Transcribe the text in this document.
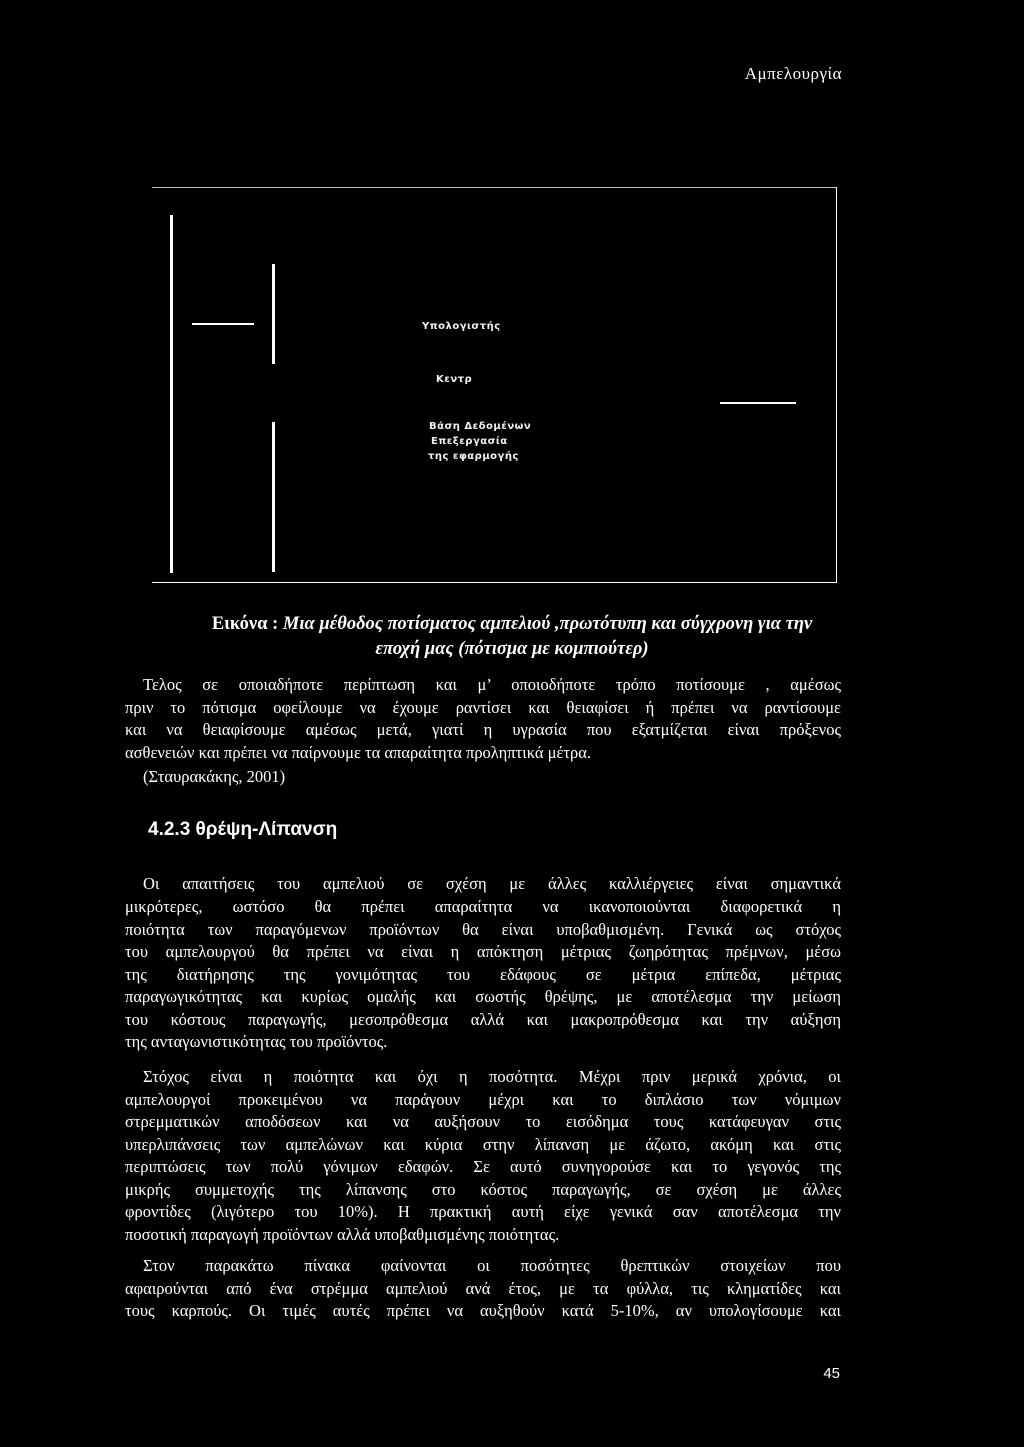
Αμπελουργία
Υπολογιστής
Κεντρ
Βάση Δεδομένων
Επεξεργασία
της εφαρμογής
Εικόνα : Μια μέθοδος ποτίσματος αμπελιού ,πρωτότυπη και σύγχρονη για την
εποχή μας (πότισμα με κομπιούτερ)
Τελος σε οποιαδήποτε περίπτωση και μ’ οποιοδήποτε τρόπο ποτίσουμε , αμέσως
πριν το πότισμα οφείλουμε να έχουμε ραντίσει και θειαφίσει ή πρέπει να ραντίσουμε
και να θειαφίσουμε αμέσως μετά, γιατί η υγρασία που εξατμίζεται είναι πρόξενος
ασθενειών και πρέπει να παίρνουμε τα απαραίτητα προληπτικά μέτρα.
(Σταυρακάκης, 2001)
4.2.3 θρέψη-Λίπανση
Οι απαιτήσεις του αμπελιού σε σχέση με άλλες καλλιέργειες είναι σημαντικά
μικρότερες, ωστόσο θα πρέπει απαραίτητα να ικανοποιούνται διαφορετικά η
ποιότητα των παραγόμενων προϊόντων θα είναι υποβαθμισμένη. Γενικά ως στόχος
του αμπελουργού θα πρέπει να είναι η απόκτηση μέτριας ζωηρότητας πρέμνων, μέσω
της διατήρησης της γονιμότητας του εδάφους σε μέτρια επίπεδα, μέτριας
παραγωγικότητας και κυρίως ομαλής και σωστής θρέψης, με αποτέλεσμα την μείωση
του κόστους παραγωγής, μεσοπρόθεσμα αλλά και μακροπρόθεσμα και την αύξηση
της ανταγωνιστικότητας του προϊόντος.
Στόχος είναι η ποιότητα και όχι η ποσότητα. Μέχρι πριν μερικά χρόνια, οι
αμπελουργοί προκειμένου να παράγουν μέχρι και το διπλάσιο των νόμιμων
στρεμματικών αποδόσεων και να αυξήσουν το εισόδημα τους κατάφευγαν στις
υπερλιπάνσεις των αμπελώνων και κύρια στην λίπανση με άζωτο, ακόμη και στις
περιπτώσεις των πολύ γόνιμων εδαφών. Σε αυτό συνηγορούσε και το γεγονός της
μικρής συμμετοχής της λίπανσης στο κόστος παραγωγής, σε σχέση με άλλες
φροντίδες (λιγότερο του 10%). Η πρακτική αυτή είχε γενικά σαν αποτέλεσμα την
ποσοτική παραγωγή προϊόντων αλλά υποβαθμισμένης ποιότητας.
Στον παρακάτω πίνακα φαίνονται οι ποσότητες θρεπτικών στοιχείων που
αφαιρούνται από ένα στρέμμα αμπελιού ανά έτος, με τα φύλλα, τις κληματίδες και
τους καρπούς. Οι τιμές αυτές πρέπει να αυξηθούν κατά 5-10%, αν υπολογίσουμε και
45
